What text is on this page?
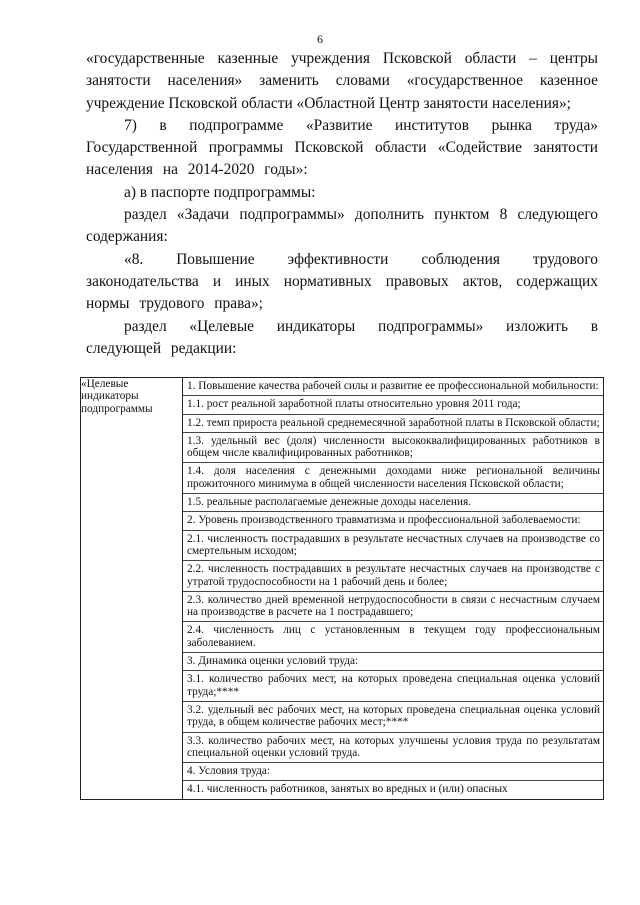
6

«государственные казенные учреждения Псковской области – центры занятости населения» заменить словами «государственное казенное учреждение Псковской области «Областной Центр занятости населения»;

7) в подпрограмме «Развитие институтов рынка труда» Государственной программы Псковской области «Содействие занятости населения на 2014-2020 годы»:

а) в паспорте подпрограммы:

раздел «Задачи подпрограммы» дополнить пунктом 8 следующего содержания:

«8. Повышение эффективности соблюдения трудового законодательства и иных нормативных правовых актов, содержащих нормы трудового права»;

раздел «Целевые индикаторы подпрограммы» изложить в следующей редакции:

«Целевые индикаторы подпрограммы	
1. Повышение качества рабочей силы и развитие ее профессиональной мобильности:
1.1. рост реальной заработной платы относительно уровня 2011 года;
1.2. темп прироста реальной среднемесячной заработной платы в Псковской области;
1.3. удельный вес (доля) численности высококвалифицированных работников в общем числе квалифицированных работников;
1.4. доля населения с денежными доходами ниже региональной величины прожиточного минимума в общей численности населения Псковской области;
1.5. реальные располагаемые денежные доходы населения.
2. Уровень производственного травматизма и профессиональной заболеваемости:
2.1. численность пострадавших в результате несчастных случаев на производстве со смертельным исходом;
2.2. численность пострадавших в результате несчастных случаев на производстве с утратой трудоспособности на 1 рабочий день и более;
2.3. количество дней временной нетрудоспособности в связи с несчастным случаем на производстве в расчете на 1 пострадавшего;
2.4. численность лиц с установленным в текущем году профессиональным заболеванием.
3. Динамика оценки условий труда:
3.1. количество рабочих мест, на которых проведена специальная оценка условий труда;****
3.2. удельный вес рабочих мест, на которых проведена специальная оценка условий труда, в общем количестве рабочих мест;****
3.3. количество рабочих мест, на которых улучшены условия труда по результатам специальной оценки условий труда.
4. Условия труда:
4.1. численность работников, занятых во вредных и (или) опасных
